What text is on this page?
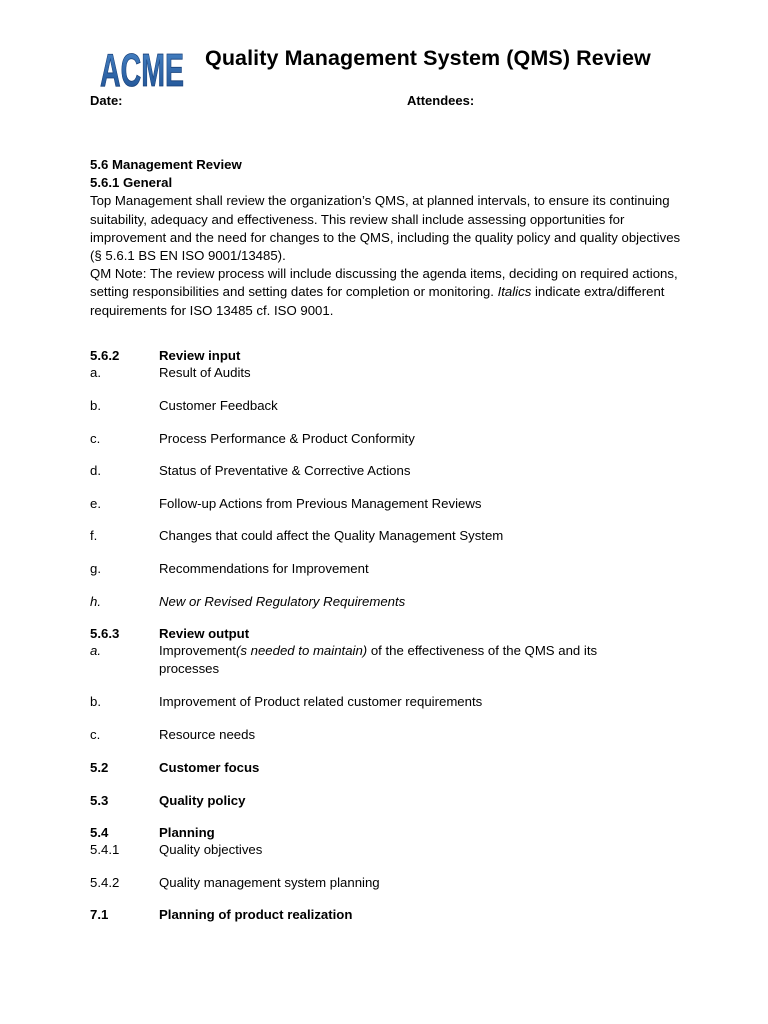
ACME Quality Management System (QMS) Review
Date:	Attendees:

5.6 Management Review

5.6.1 General

Top Management shall review the organization’s QMS, at planned intervals, to ensure its continuing suitability, adequacy and effectiveness. This review shall include assessing opportunities for improvement and the need for changes to the QMS, including the quality policy and quality objectives (§ 5.6.1 BS EN ISO 9001/13485).

QM Note: The review process will include discussing the agenda items, deciding on required actions, setting responsibilities and setting dates for completion or monitoring. Italics indicate extra/different requirements for ISO 13485 cf. ISO 9001.

5.6.2	Review input
a.	Result of Audits
b.	Customer Feedback
c.	Process Performance & Product Conformity
d.	Status of Preventative & Corrective Actions
e.	Follow-up Actions from Previous Management Reviews
f.	Changes that could affect the Quality Management System
g.	Recommendations for Improvement
h.	New or Revised Regulatory Requirements
5.6.3	Review output
a.	Improvement(s needed to maintain) of the effectiveness of the QMS and its processes
b.	Improvement of Product related customer requirements
c.	Resource needs
5.2	Customer focus
5.3	Quality policy
5.4	Planning
5.4.1	Quality objectives
5.4.2	Quality management system planning
7.1	Planning of product realization
